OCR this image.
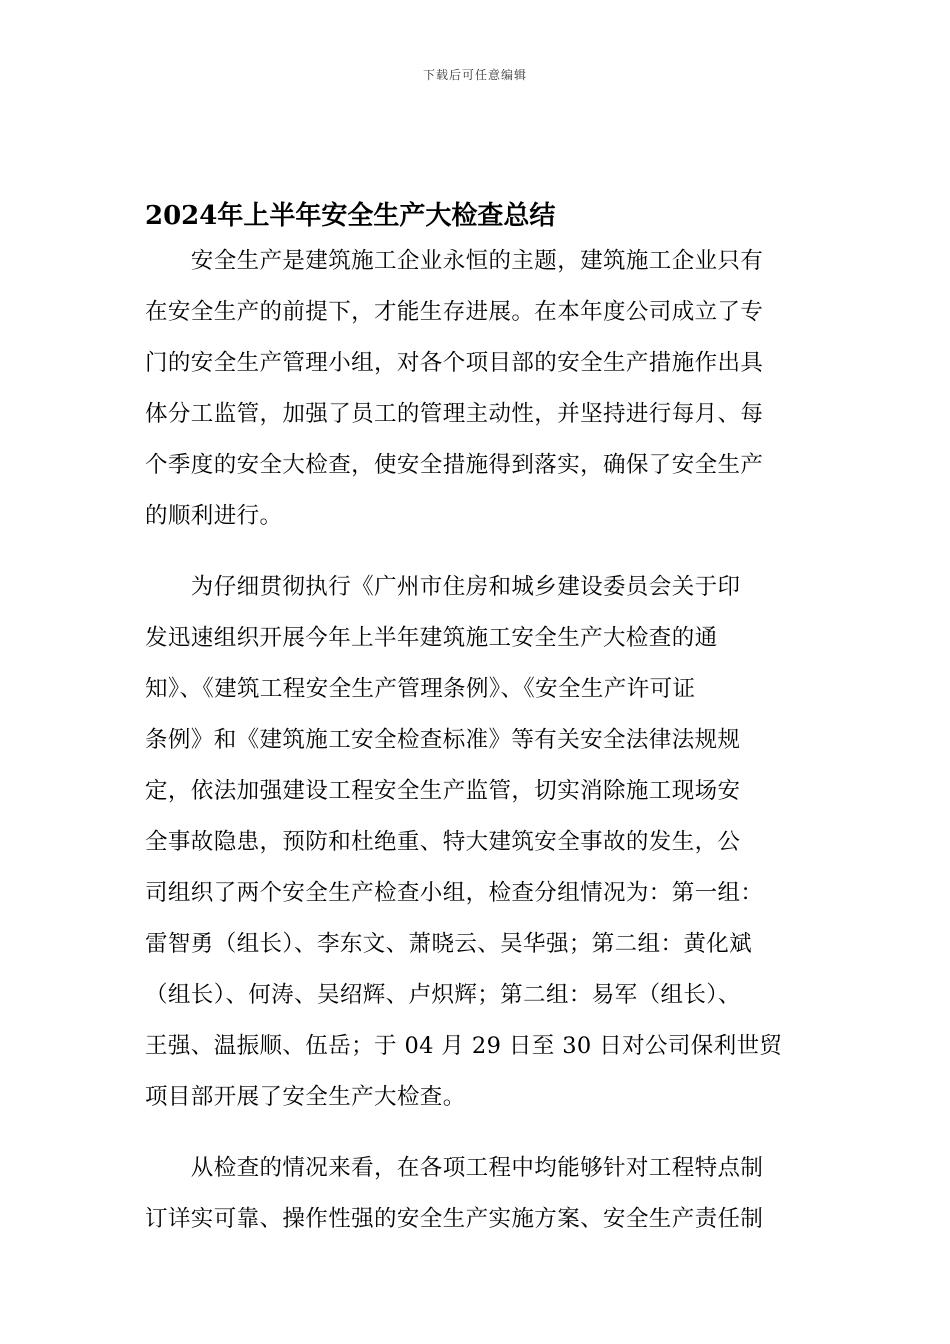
下载后可任意编辑
2024年上半年安全生产大检查总结

　　安全生产是建筑施工企业永恒的主题，建筑施工企业只有
在安全生产的前提下，才能生存进展。在本年度公司成立了专
门的安全生产管理小组，对各个项目部的安全生产措施作出具
体分工监管，加强了员工的管理主动性，并坚持进行每月、每
个季度的安全大检查，使安全措施得到落实，确保了安全生产
的顺利进行。

　　为仔细贯彻执行《广州市住房和城乡建设委员会关于印
发迅速组织开展今年上半年建筑施工安全生产大检查的通
知》、《建筑工程安全生产管理条例》、《安全生产许可证
条例》和《建筑施工安全检查标准》等有关安全法律法规规
定，依法加强建设工程安全生产监管，切实消除施工现场安
全事故隐患，预防和杜绝重、特大建筑安全事故的发生，公
司组织了两个安全生产检查小组，检查分组情况为：第一组：
雷智勇（组长）、李东文、萧晓云、吴华强；第二组：黄化斌
（组长）、何涛、吴绍辉、卢炽辉；第二组：易军（组长）、
王强、温振顺、伍岳；于 04 月 29 日至 30 日对公司保利世贸
项目部开展了安全生产大检查。

　　从检查的情况来看，在各项工程中均能够针对工程特点制
订详实可靠、操作性强的安全生产实施方案、安全生产责任制
